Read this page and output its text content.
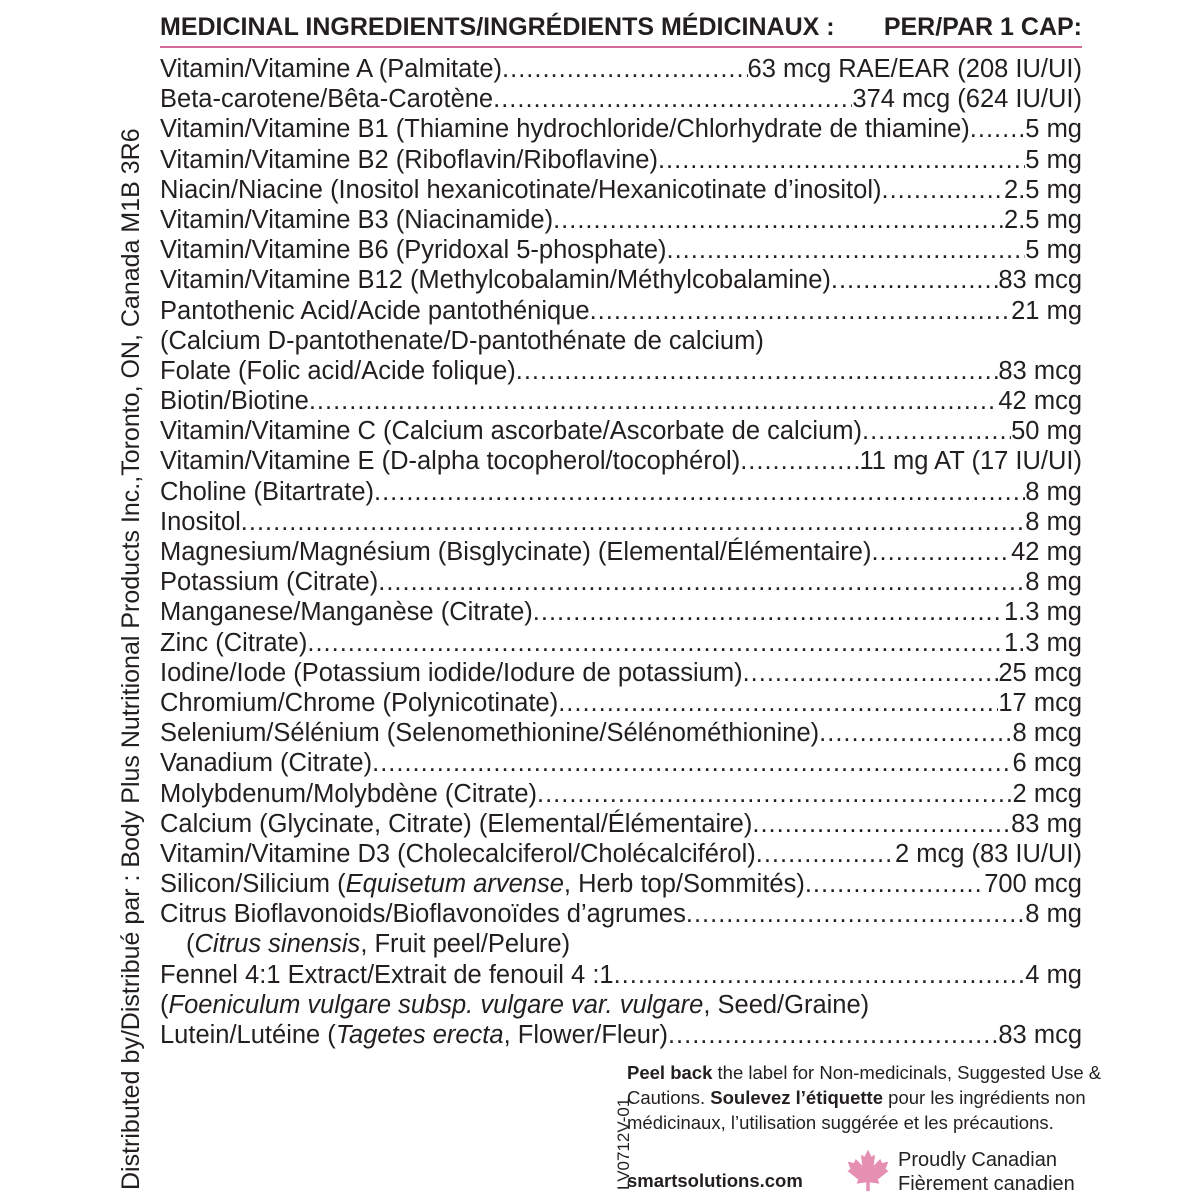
Distributed by/Distribué par : Body Plus Nutritional Products Inc.,Toronto, ON, Canada M1B 3R6
MEDICINAL INGREDIENTS/INGRÉDIENTS MÉDICINAUX : PER/PAR 1 CAP:
Vitamin/Vitamine A (Palmitate) .....	63 mcg RAE/EAR (208 IU/UI)
Beta-carotene/Bêta-Carotène .....	374 mcg (624 IU/UI)
Vitamin/Vitamine B1 (Thiamine hydrochloride/Chlorhydrate de thiamine) ..... 5 mg
Vitamin/Vitamine B2 (Riboflavin/Riboflavine) .....	5 mg
Niacin/Niacine (Inositol hexanicotinate/Hexanicotinate d’inositol) .....	2.5 mg
Vitamin/Vitamine B3 (Niacinamide) .....	2.5 mg
Vitamin/Vitamine B6 (Pyridoxal 5-phosphate) .....	5 mg
Vitamin/Vitamine B12 (Methylcobalamin/Méthylcobalamine) .....	83 mcg
Pantothenic Acid/Acide pantothénique .....	21 mg
(Calcium D-pantothenate/D-pantothénate de calcium)
Folate (Folic acid/Acide folique) .....	83 mcg
Biotin/Biotine .....	42 mcg
Vitamin/Vitamine C (Calcium ascorbate/Ascorbate de calcium) .....	50 mg
Vitamin/Vitamine E (D-alpha tocopherol/tocophérol) .....	11 mg AT (17 IU/UI)
Choline (Bitartrate) .....	8 mg
Inositol .....	8 mg
Magnesium/Magnésium (Bisglycinate) (Elemental/Élémentaire) .....	42 mg
Potassium (Citrate) .....	8 mg
Manganese/Manganèse (Citrate) .....	1.3 mg
Zinc (Citrate) .....	1.3 mg
Iodine/Iode (Potassium iodide/Iodure de potassium) .....	25 mcg
Chromium/Chrome (Polynicotinate) .....	17 mcg
Selenium/Sélénium (Selenomethionine/Sélénométhionine) .....	8 mcg
Vanadium (Citrate) .....	6 mcg
Molybdenum/Molybdène (Citrate) .....	2 mcg
Calcium (Glycinate, Citrate) (Elemental/Élémentaire) .....	83 mg
Vitamin/Vitamine D3 (Cholecalciferol/Cholécalciférol) .....	2 mcg (83 IU/UI)
Silicon/Silicium (Equisetum arvense, Herb top/Sommités) .....	700 mcg
Citrus Bioflavonoids/Bioflavonoïdes d’agrumes .....	8 mg
(Citrus sinensis, Fruit peel/Pelure)
Fennel 4:1 Extract/Extrait de fenouil 4 :1 .....	4 mg
(Foeniculum vulgare subsp. vulgare var. vulgare, Seed/Graine)
Lutein/Lutéine (Tagetes erecta, Flower/Fleur) .....	83 mcg
LV0712V-01
Peel back the label for Non-medicinals, Suggested Use & Cautions. Soulevez l’étiquette pour les ingrédients non médicinaux, l’utilisation suggérée et les précautions.
smartsolutions.com
Proudly Canadian
Fièrement canadien
